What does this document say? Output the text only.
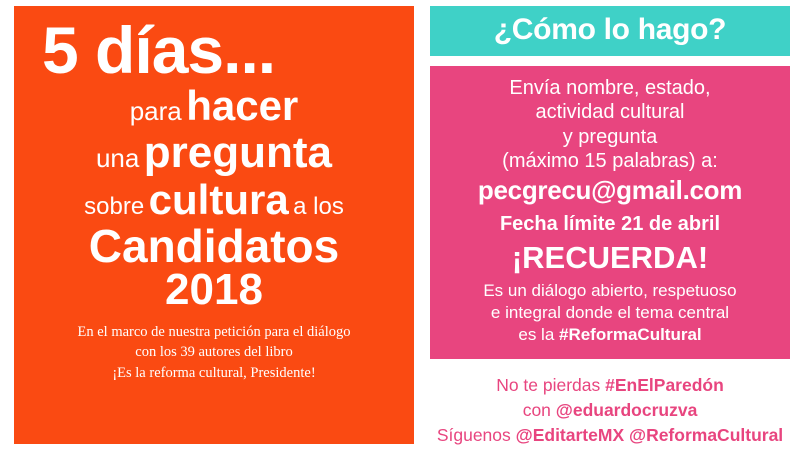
5 días...
para hacer
una pregunta
sobre cultura a los
Candidatos
2018
En el marco de nuestra petición para el diálogo
con los 39 autores del libro
¡Es la reforma cultural, Presidente!
¿Cómo lo hago?
Envía nombre, estado,
actividad cultural
y pregunta
(máximo 15 palabras) a:
pecgrecu@gmail.com
Fecha límite 21 de abril
¡RECUERDA!
Es un diálogo abierto, respetuoso
e integral donde el tema central
es la #ReformaCultural
No te pierdas #EnElParedón
con @eduardocruzva
Síguenos @EditarteMX @ReformaCultural
